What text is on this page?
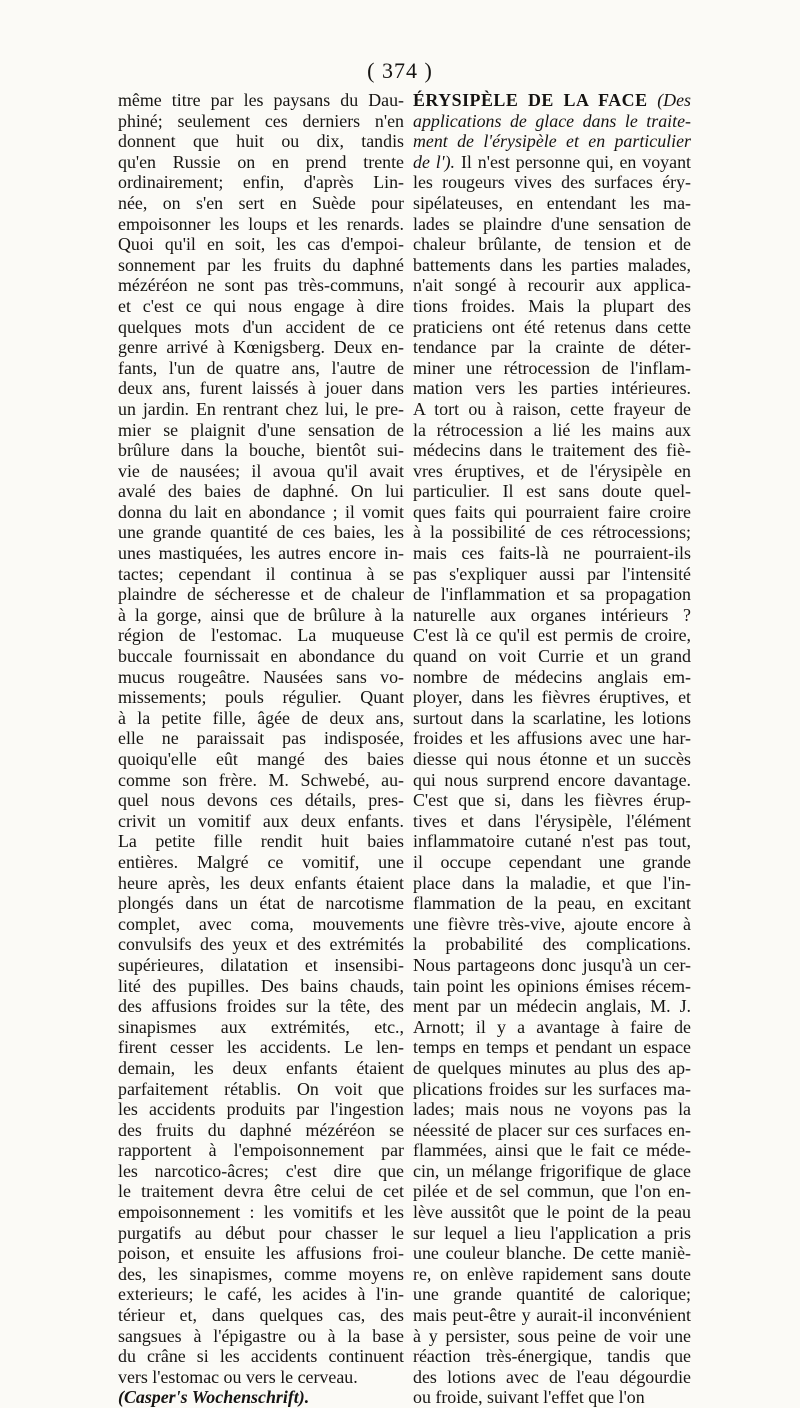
( 374 )
même titre par les paysans du Dau-
phiné; seulement ces derniers n'en
donnent que huit ou dix, tandis
qu'en Russie on en prend trente
ordinairement; enfin, d'après Lin-
née, on s'en sert en Suède pour
empoisonner les loups et les renards.
Quoi qu'il en soit, les cas d'empoi-
sonnement par les fruits du daphné
mézéréon ne sont pas très-communs,
et c'est ce qui nous engage à dire
quelques mots d'un accident de ce
genre arrivé à Kœnigsberg. Deux en-
fants, l'un de quatre ans, l'autre de
deux ans, furent laissés à jouer dans
un jardin. En rentrant chez lui, le pre-
mier se plaignit d'une sensation de
brûlure dans la bouche, bientôt sui-
vie de nausées; il avoua qu'il avait
avalé des baies de daphné. On lui
donna du lait en abondance ; il vomit
une grande quantité de ces baies, les
unes mastiquées, les autres encore in-
tactes; cependant il continua à se
plaindre de sécheresse et de chaleur
à la gorge, ainsi que de brûlure à la
région de l'estomac. La muqueuse
buccale fournissait en abondance du
mucus rougeâtre. Nausées sans vo-
missements; pouls régulier. Quant
à la petite fille, âgée de deux ans,
elle ne paraissait pas indisposée,
quoiqu'elle eût mangé des baies
comme son frère. M. Schwebé, au-
quel nous devons ces détails, pres-
crivit un vomitif aux deux enfants.
La petite fille rendit huit baies
entières. Malgré ce vomitif, une
heure après, les deux enfants étaient
plongés dans un état de narcotisme
complet, avec coma, mouvements
convulsifs des yeux et des extrémités
supérieures, dilatation et insensibi-
lité des pupilles. Des bains chauds,
des affusions froides sur la tête, des
sinapismes aux extrémités, etc.,
firent cesser les accidents. Le len-
demain, les deux enfants étaient
parfaitement rétablis. On voit que
les accidents produits par l'ingestion
des fruits du daphné mézéréon se
rapportent à l'empoisonnement par
les narcotico-âcres; c'est dire que
le traitement devra être celui de cet
empoisonnement : les vomitifs et les
purgatifs au début pour chasser le
poison, et ensuite les affusions froi-
des, les sinapismes, comme moyens
exterieurs; le café, les acides à l'in-
térieur et, dans quelques cas, des
sangsues à l'épigastre ou à la base
du crâne si les accidents continuent
vers l'estomac ou vers le cerveau.
(Casper's Wochenschrift).
ÉRYSIPÈLE DE LA FACE (Des
applications de glace dans le traite-
ment de l'érysipèle et en particulier
de l'). Il n'est personne qui, en voyant
les rougeurs vives des surfaces éry-
sipélateuses, en entendant les ma-
lades se plaindre d'une sensation de
chaleur brûlante, de tension et de
battements dans les parties malades,
n'ait songé à recourir aux applica-
tions froides. Mais la plupart des
praticiens ont été retenus dans cette
tendance par la crainte de déter-
miner une rétrocession de l'inflam-
mation vers les parties intérieures.
A tort ou à raison, cette frayeur de
la rétrocession a lié les mains aux
médecins dans le traitement des fiè-
vres éruptives, et de l'érysipèle en
particulier. Il est sans doute quel-
ques faits qui pourraient faire croire
à la possibilité de ces rétrocessions;
mais ces faits-là ne pourraient-ils
pas s'expliquer aussi par l'intensité
de l'inflammation et sa propagation
naturelle aux organes intérieurs ?
C'est là ce qu'il est permis de croire,
quand on voit Currie et un grand
nombre de médecins anglais em-
ployer, dans les fièvres éruptives, et
surtout dans la scarlatine, les lotions
froides et les affusions avec une har-
diesse qui nous étonne et un succès
qui nous surprend encore davantage.
C'est que si, dans les fièvres érup-
tives et dans l'érysipèle, l'élément
inflammatoire cutané n'est pas tout,
il occupe cependant une grande
place dans la maladie, et que l'in-
flammation de la peau, en excitant
une fièvre très-vive, ajoute encore à
la probabilité des complications.
Nous partageons donc jusqu'à un cer-
tain point les opinions émises récem-
ment par un médecin anglais, M. J.
Arnott; il y a avantage à faire de
temps en temps et pendant un espace
de quelques minutes au plus des ap-
plications froides sur les surfaces ma-
lades; mais nous ne voyons pas la
néessité de placer sur ces surfaces en-
flammées, ainsi que le fait ce méde-
cin, un mélange frigorifique de glace
pilée et de sel commun, que l'on en-
lève aussitôt que le point de la peau
sur lequel a lieu l'application a pris
une couleur blanche. De cette maniè-
re, on enlève rapidement sans doute
une grande quantité de calorique;
mais peut-être y aurait-il inconvénient
à y persister, sous peine de voir une
réaction très-énergique, tandis que
des lotions avec de l'eau dégourdie
ou froide, suivant l'effet que l'on
